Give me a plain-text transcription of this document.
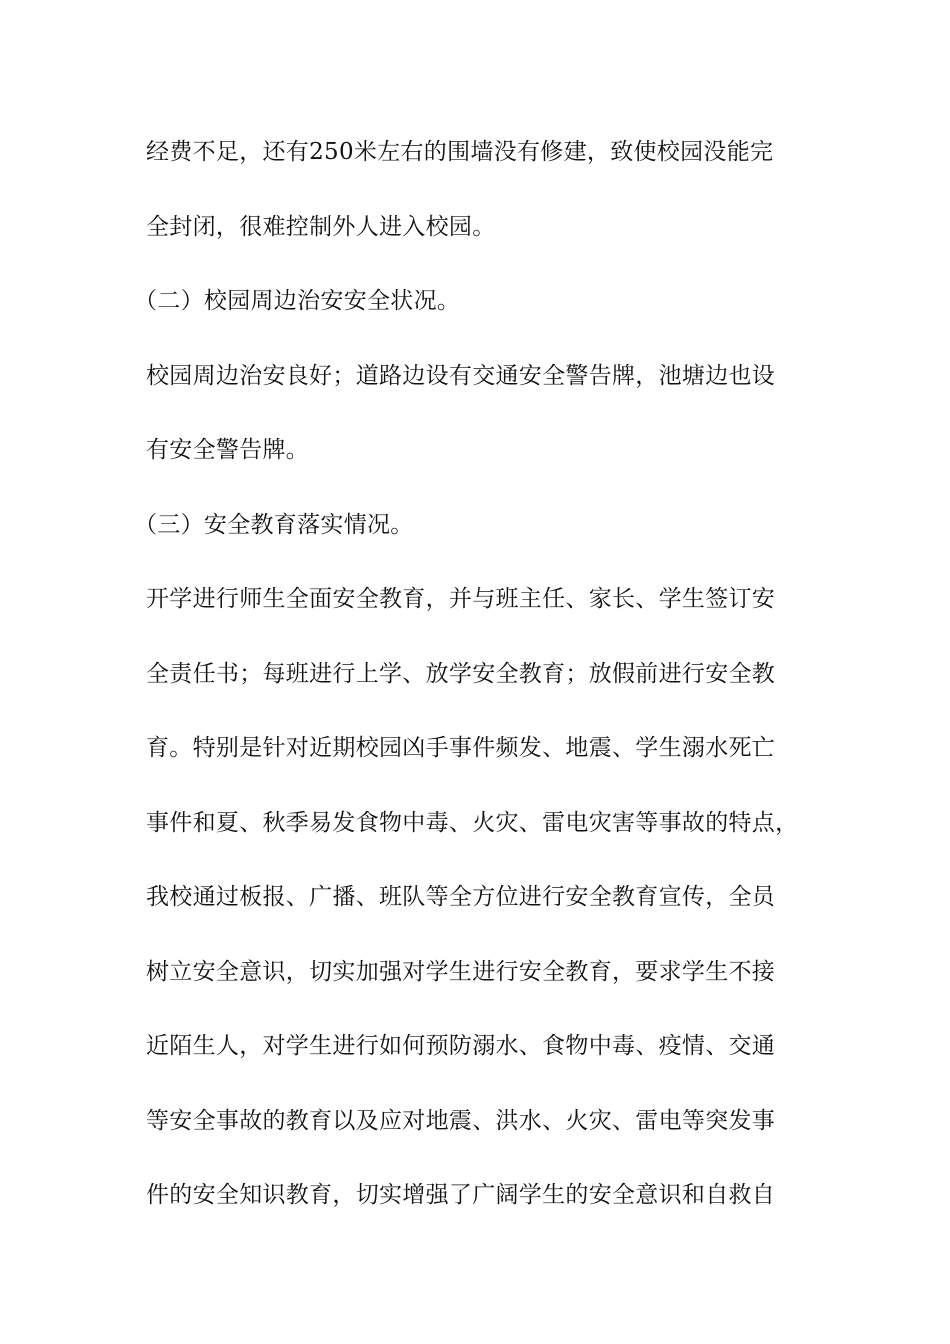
经费不足，还有250米左右的围墙没有修建，致使校园没能完
全封闭，很难控制外人进入校园。
（二）校园周边治安安全状况。
校园周边治安良好；道路边设有交通安全警告牌，池塘边也设
有安全警告牌。
（三）安全教育落实情况。
开学进行师生全面安全教育，并与班主任、家长、学生签订安
全责任书；每班进行上学、放学安全教育；放假前进行安全教
育。特别是针对近期校园凶手事件频发、地震、学生溺水死亡
事件和夏、秋季易发食物中毒、火灾、雷电灾害等事故的特点，
我校通过板报、广播、班队等全方位进行安全教育宣传，全员
树立安全意识，切实加强对学生进行安全教育，要求学生不接
近陌生人，对学生进行如何预防溺水、食物中毒、疫情、交通
等安全事故的教育以及应对地震、洪水、火灾、雷电等突发事
件的安全知识教育，切实增强了广阔学生的安全意识和自救自
